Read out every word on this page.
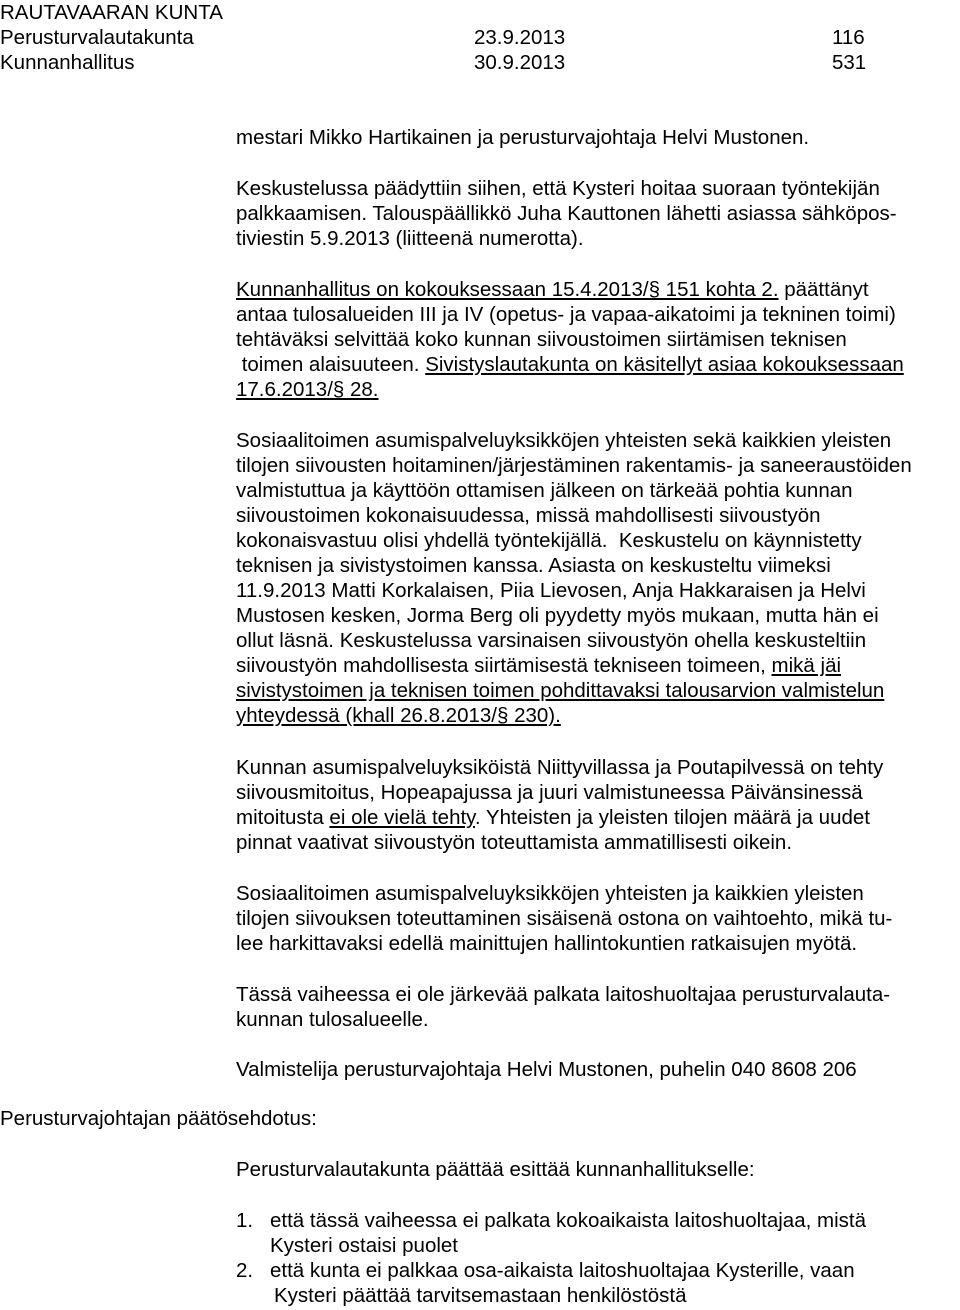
RAUTAVAARAN KUNTA
Perusturvalautakunta	23.9.2013	116
Kunnanhallitus	30.9.2013	531
mestari Mikko Hartikainen ja perusturvajohtaja Helvi Mustonen.
Keskustelussa päädyttiin siihen, että Kysteri hoitaa suoraan työntekijän
palkkaamisen. Talouspäällikkö Juha Kauttonen lähetti asiassa sähköpos-
tiviestin 5.9.2013 (liitteenä numerotta).
Kunnanhallitus on kokouksessaan 15.4.2013/§ 151 kohta 2. päättänyt
antaa tulosalueiden III ja IV (opetus- ja vapaa-aikatoimi ja tekninen toimi)
tehtäväksi selvittää koko kunnan siivoustoimen siirtämisen teknisen
toimen alaisuuteen. Sivistyslautakunta on käsitellyt asiaa kokouksessaan
17.6.2013/§ 28.
Sosiaalitoimen asumispalveluyksikköjen yhteisten sekä kaikkien yleisten
tilojen siivousten hoitaminen/järjestäminen rakentamis- ja saneeraustöiden
valmistuttua ja käyttöön ottamisen jälkeen on tärkeää pohtia kunnan
siivoustoimen kokonaisuudessa, missä mahdollisesti siivoustyön
kokonaisvastuu olisi yhdellä työntekijällä.  Keskustelu on käynnistetty
teknisen ja sivistystoimen kanssa. Asiasta on keskusteltu viimeksi
11.9.2013 Matti Korkalaisen, Piia Lievosen, Anja Hakkaraisen ja Helvi
Mustosen kesken, Jorma Berg oli pyydetty myös mukaan, mutta hän ei
ollut läsnä. Keskustelussa varsinaisen siivoustyön ohella keskusteltiin
siivoustyön mahdollisesta siirtämisestä tekniseen toimeen, mikä jäi
sivistystoimen ja teknisen toimen pohdittavaksi talousarvion valmistelun
yhteydessä (khall 26.8.2013/§ 230).
Kunnan asumispalveluyksiköistä Niittyvillassa ja Poutapilvessä on tehty
siivousmitoitus, Hopeapajussa ja juuri valmistuneessa Päivänsinessä
mitoitusta ei ole vielä tehty. Yhteisten ja yleisten tilojen määrä ja uudet
pinnat vaativat siivoustyön toteuttamista ammatillisesti oikein.
Sosiaalitoimen asumispalveluyksikköjen yhteisten ja kaikkien yleisten
tilojen siivouksen toteuttaminen sisäisenä ostona on vaihtoehto, mikä tu-
lee harkittavaksi edellä mainittujen hallintokuntien ratkaisujen myötä.
Tässä vaiheessa ei ole järkevää palkata laitoshuoltajaa perusturvalauta-
kunnan tulosalueelle.
Valmistelija perusturvajohtaja Helvi Mustonen, puhelin 040 8608 206
Perusturvajohtajan päätösehdotus:
Perusturvalautakunta päättää esittää kunnanhallitukselle:
1. että tässä vaiheessa ei palkata kokoaikaista laitoshuoltajaa, mistä
Kysteri ostaisi puolet
2. että kunta ei palkkaa osa-aikaista laitoshuoltajaa Kysterille, vaan
Kysteri päättää tarvitsemastaan henkilöstöstä
